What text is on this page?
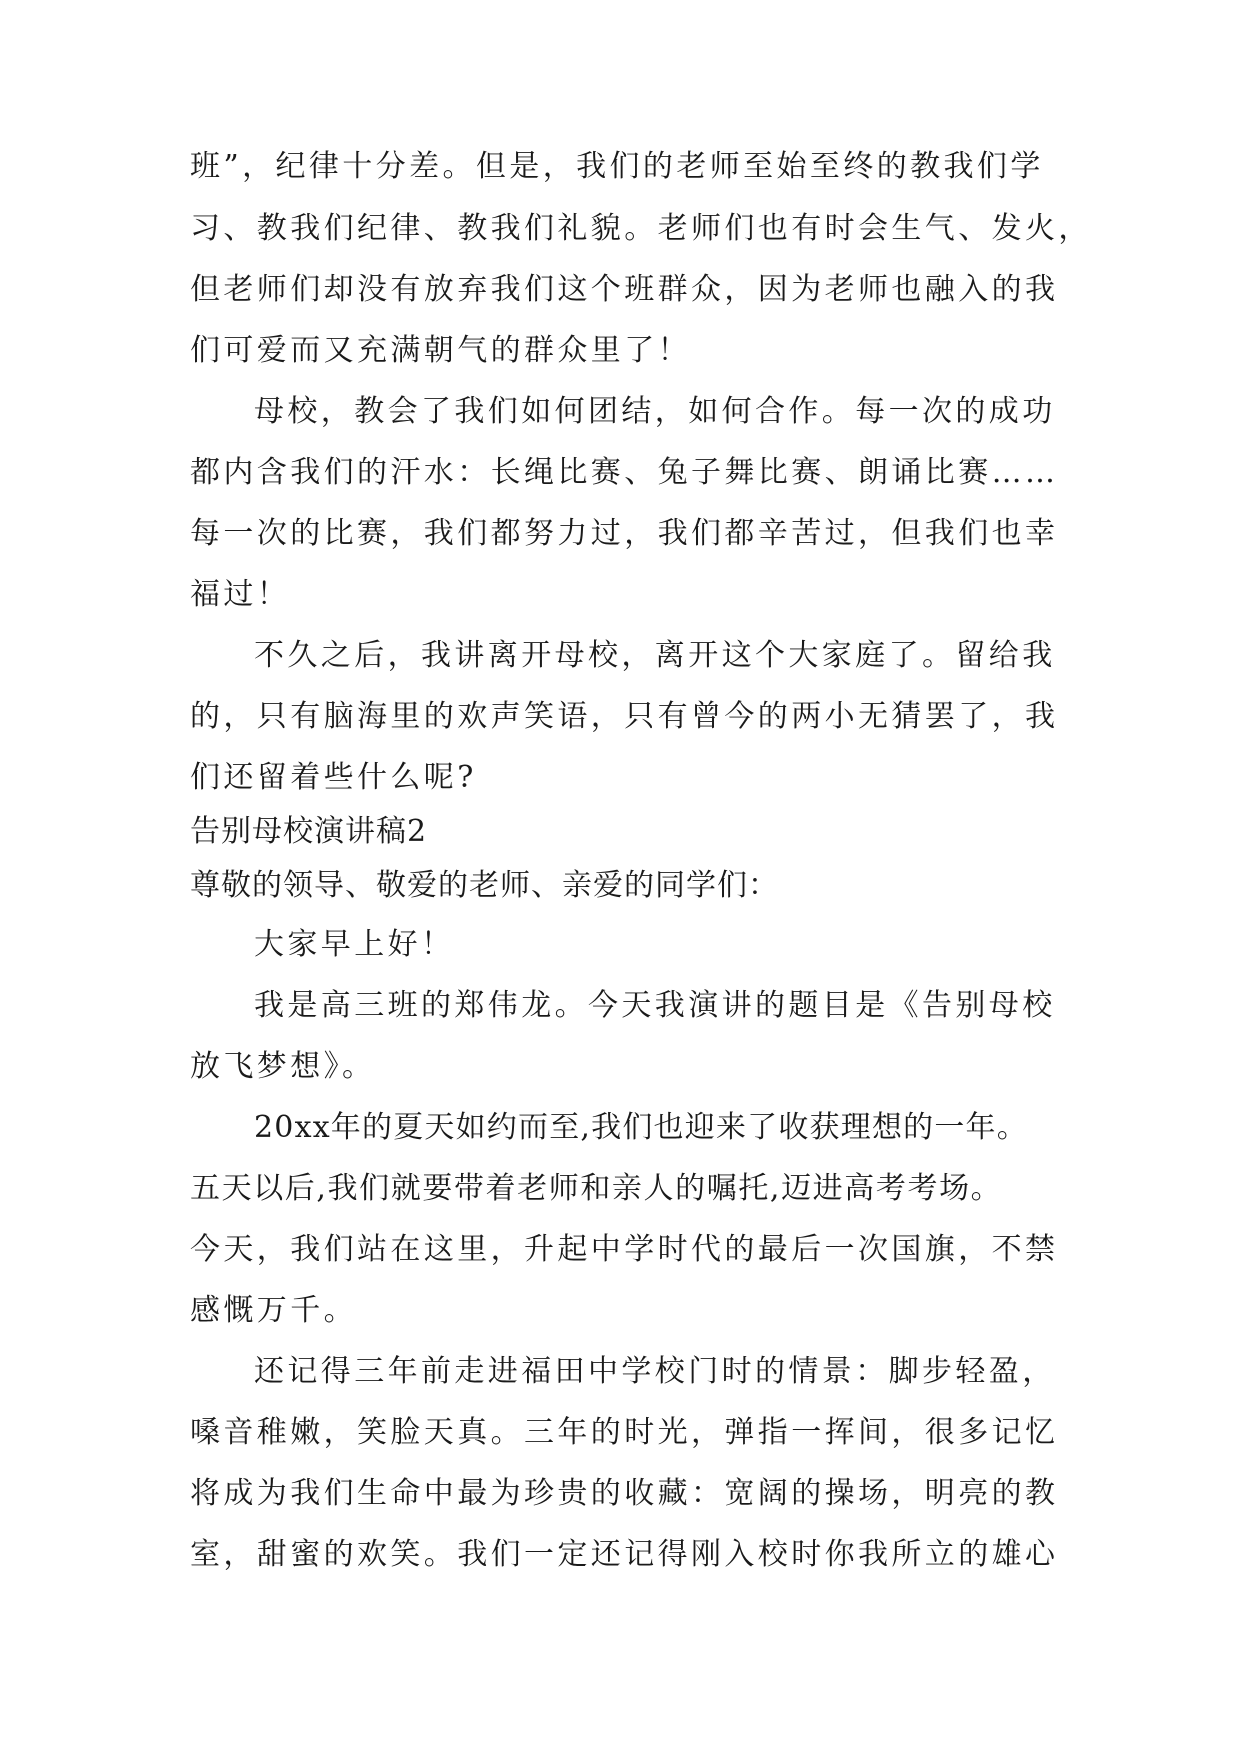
班”，纪律十分差。但是，我们的老师至始至终的教我们学
习、教我们纪律、教我们礼貌。老师们也有时会生气、发火，
但老师们却没有放弃我们这个班群众，因为老师也融入的我
们可爱而又充满朝气的群众里了！
母校，教会了我们如何团结，如何合作。每一次的成功
都内含我们的汗水：长绳比赛、兔子舞比赛、朗诵比赛……
每一次的比赛，我们都努力过，我们都辛苦过，但我们也幸
福过！
不久之后，我讲离开母校，离开这个大家庭了。留给我
的，只有脑海里的欢声笑语，只有曾今的两小无猜罢了，我
们还留着些什么呢?
告别母校演讲稿2
尊敬的领导、敬爱的老师、亲爱的同学们：
大家早上好！
我是高三班的郑伟龙。今天我演讲的题目是《告别母校
放飞梦想》。
20xx年的夏天如约而至,我们也迎来了收获理想的一年。
五天以后,我们就要带着老师和亲人的嘱托,迈进高考考场。
今天，我们站在这里，升起中学时代的最后一次国旗，不禁
感慨万千。
还记得三年前走进福田中学校门时的情景：脚步轻盈，
嗓音稚嫩，笑脸天真。三年的时光，弹指一挥间，很多记忆
将成为我们生命中最为珍贵的收藏：宽阔的操场，明亮的教
室，甜蜜的欢笑。我们一定还记得刚入校时你我所立的雄心
